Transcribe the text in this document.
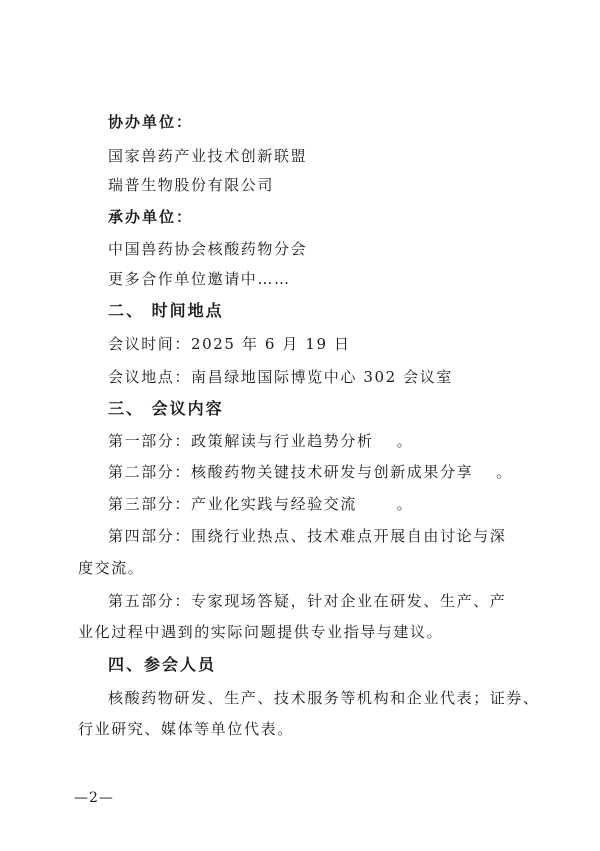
协办单位：
国家兽药产业技术创新联盟
瑞普生物股份有限公司
承办单位：
中国兽药协会核酸药物分会
更多合作单位邀请中……
二、 时间地点
会议时间：2025 年 6 月 19 日
会议地点：南昌绿地国际博览中心 302 会议室
三、 会议内容
第一部分：政策解读与行业趋势分析　 。
第二部分：核酸药物关键技术研发与创新成果分享　 。
第三部分：产业化实践与经验交流　　 。
第四部分：围绕行业热点、技术难点开展自由讨论与深
度交流。
第五部分：专家现场答疑，针对企业在研发、生产、产
业化过程中遇到的实际问题提供专业指导与建议。
四、参会人员
核酸药物研发、生产、技术服务等机构和企业代表；证券、
行业研究、媒体等单位代表。
—2—
